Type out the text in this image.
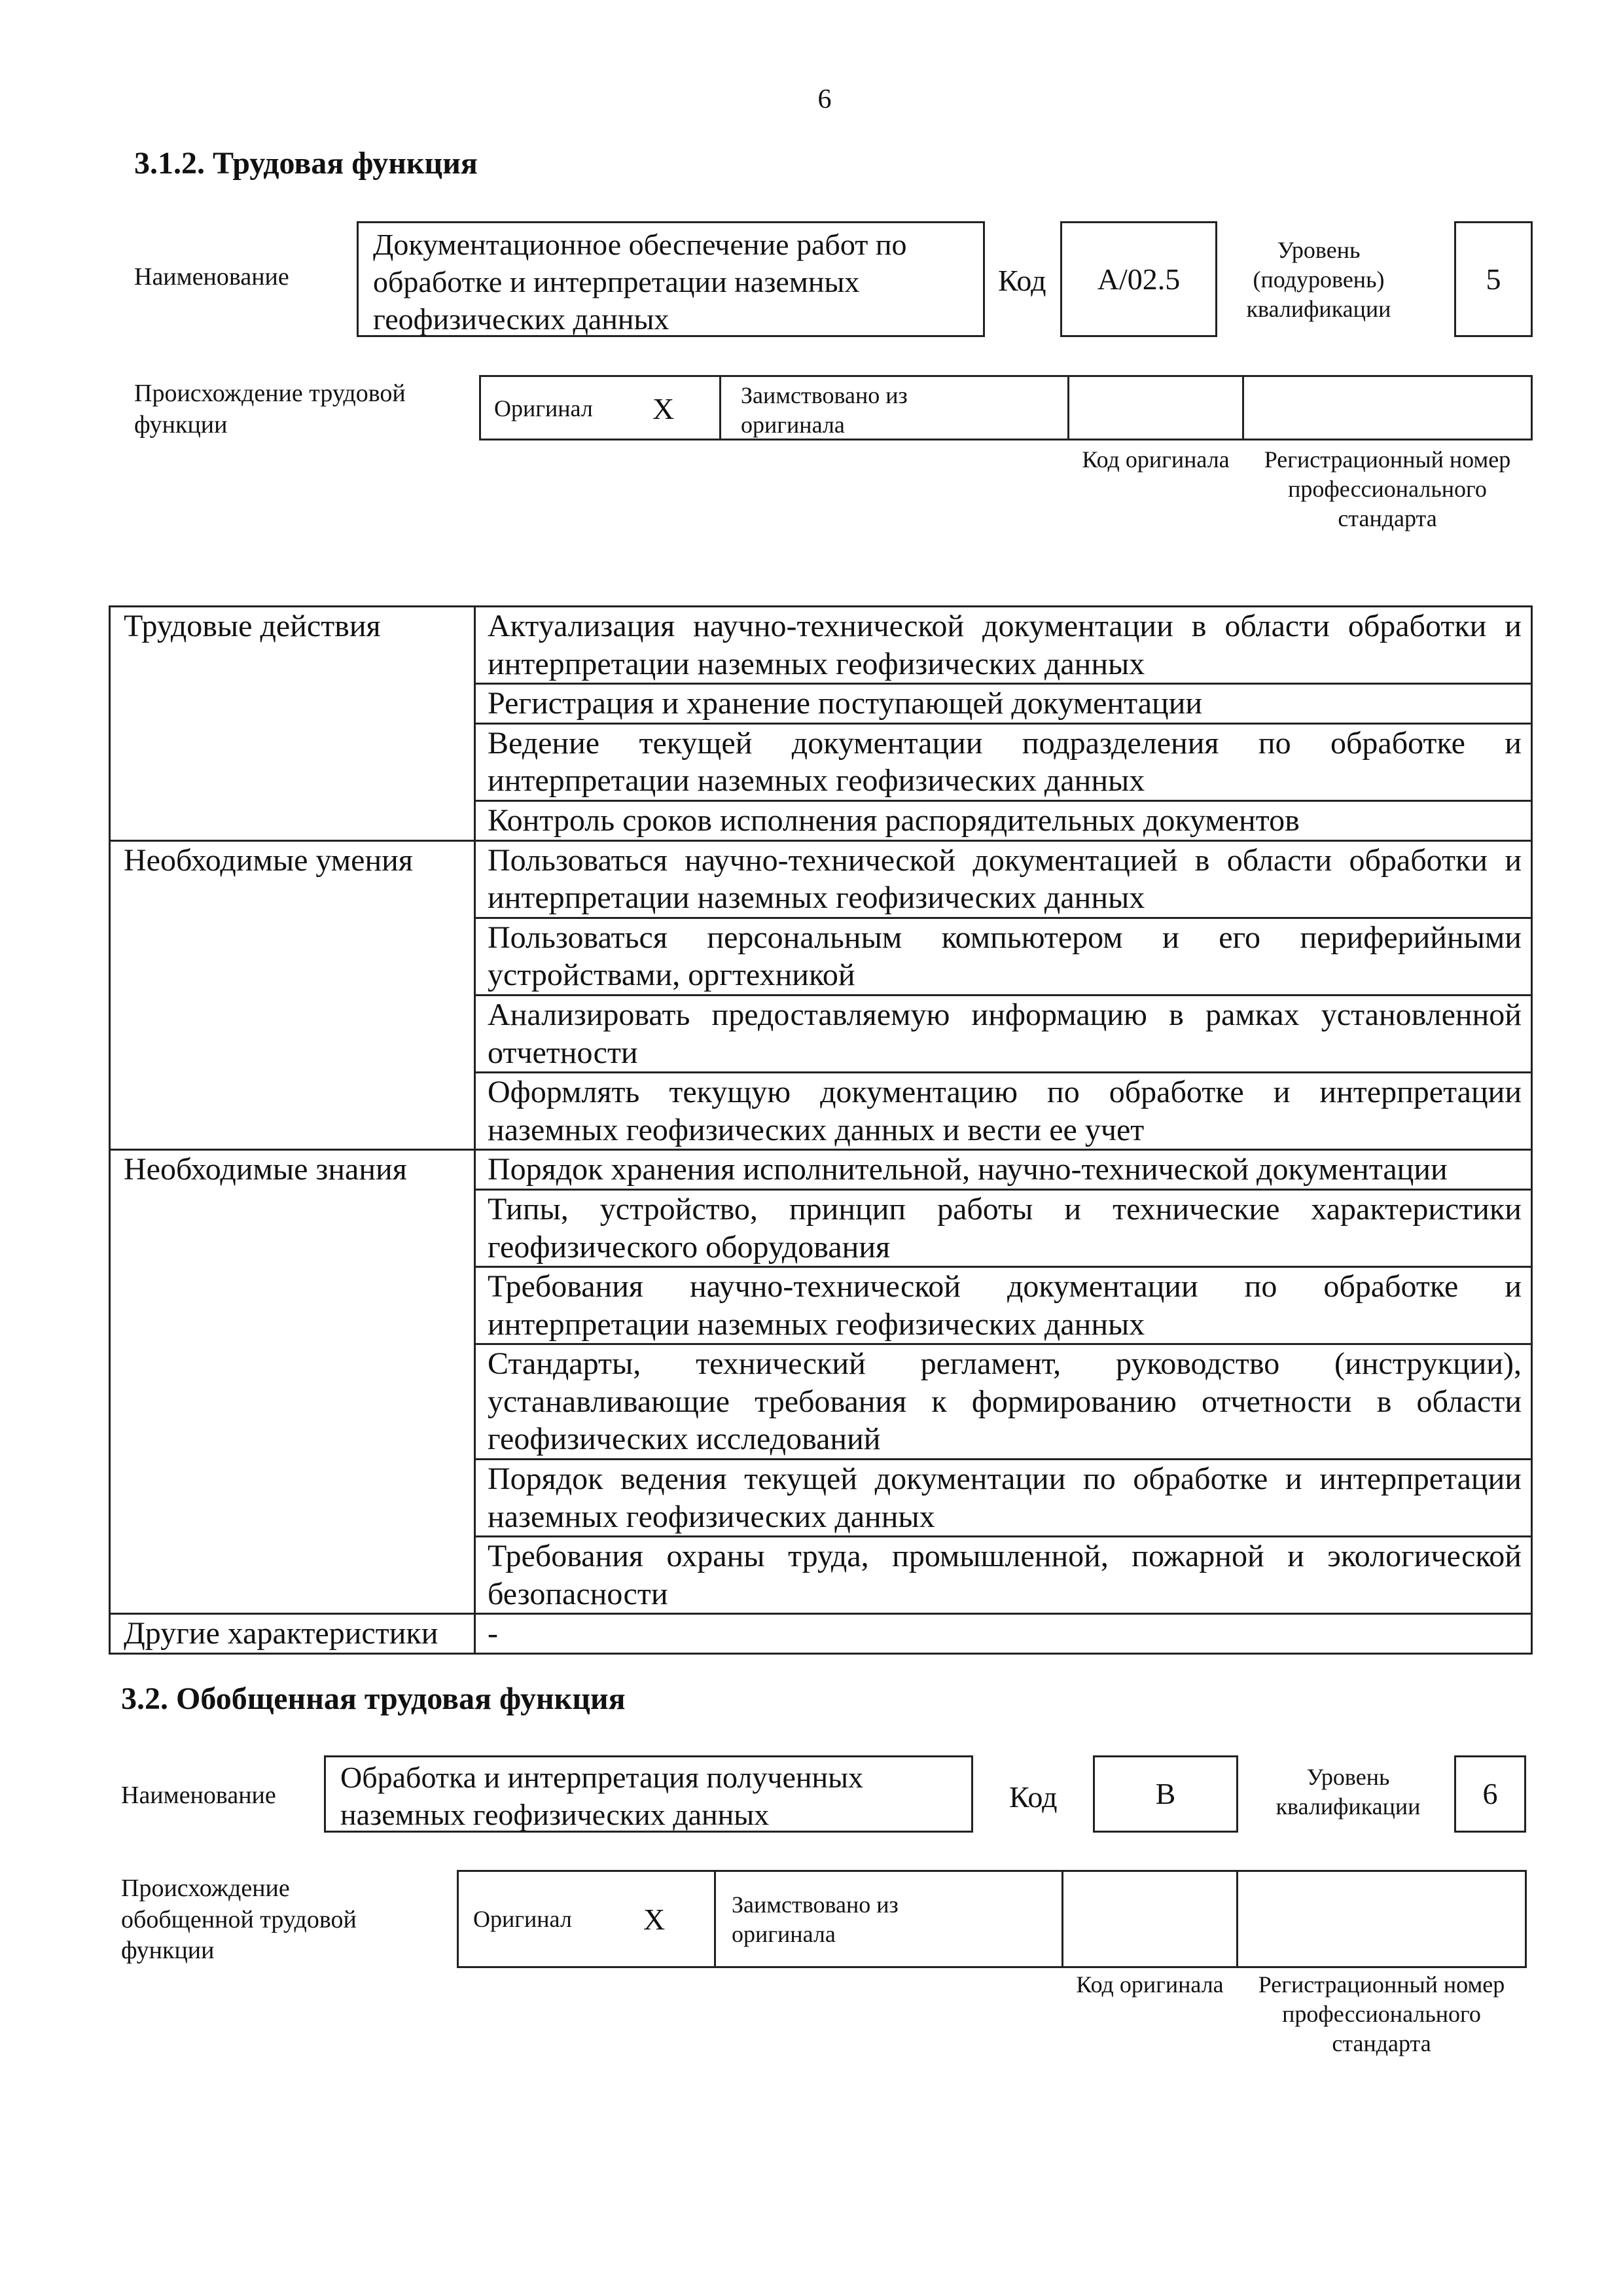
6
3.1.2. Трудовая функция
Наименование
Документационное обеспечение работ по обработке и интерпретации наземных геофизических данных
Код A/02.5
Уровень (подуровень) квалификации
5
Происхождение трудовой функции
Оригинал X	Заимствовано из оригинала
Код оригинала	Регистрационный номер профессионального стандарта
Трудовые действия	Актуализация научно-технической документации в области обработки и интерпретации наземных геофизических данных
	Регистрация и хранение поступающей документации
	Ведение текущей документации подразделения по обработке и интерпретации наземных геофизических данных
	Контроль сроков исполнения распорядительных документов
Необходимые умения	Пользоваться научно-технической документацией в области обработки и интерпретации наземных геофизических данных
	Пользоваться персональным компьютером и его периферийными устройствами, оргтехникой
	Анализировать предоставляемую информацию в рамках установленной отчетности
	Оформлять текущую документацию по обработке и интерпретации наземных геофизических данных и вести ее учет
Необходимые знания	Порядок хранения исполнительной, научно-технической документации
	Типы, устройство, принцип работы и технические характеристики геофизического оборудования
	Требования научно-технической документации по обработке и интерпретации наземных геофизических данных
	Стандарты, технический регламент, руководство (инструкции), устанавливающие требования к формированию отчетности в области геофизических исследований
	Порядок ведения текущей документации по обработке и интерпретации наземных геофизических данных
	Требования охраны труда, промышленной, пожарной и экологической безопасности
Другие характеристики	-
3.2. Обобщенная трудовая функция
Наименование
Обработка и интерпретация полученных наземных геофизических данных
Код	B
Уровень квалификации	6
Происхождение обобщенной трудовой функции
Оригинал X	Заимствовано из оригинала
Код оригинала	Регистрационный номер профессионального стандарта
